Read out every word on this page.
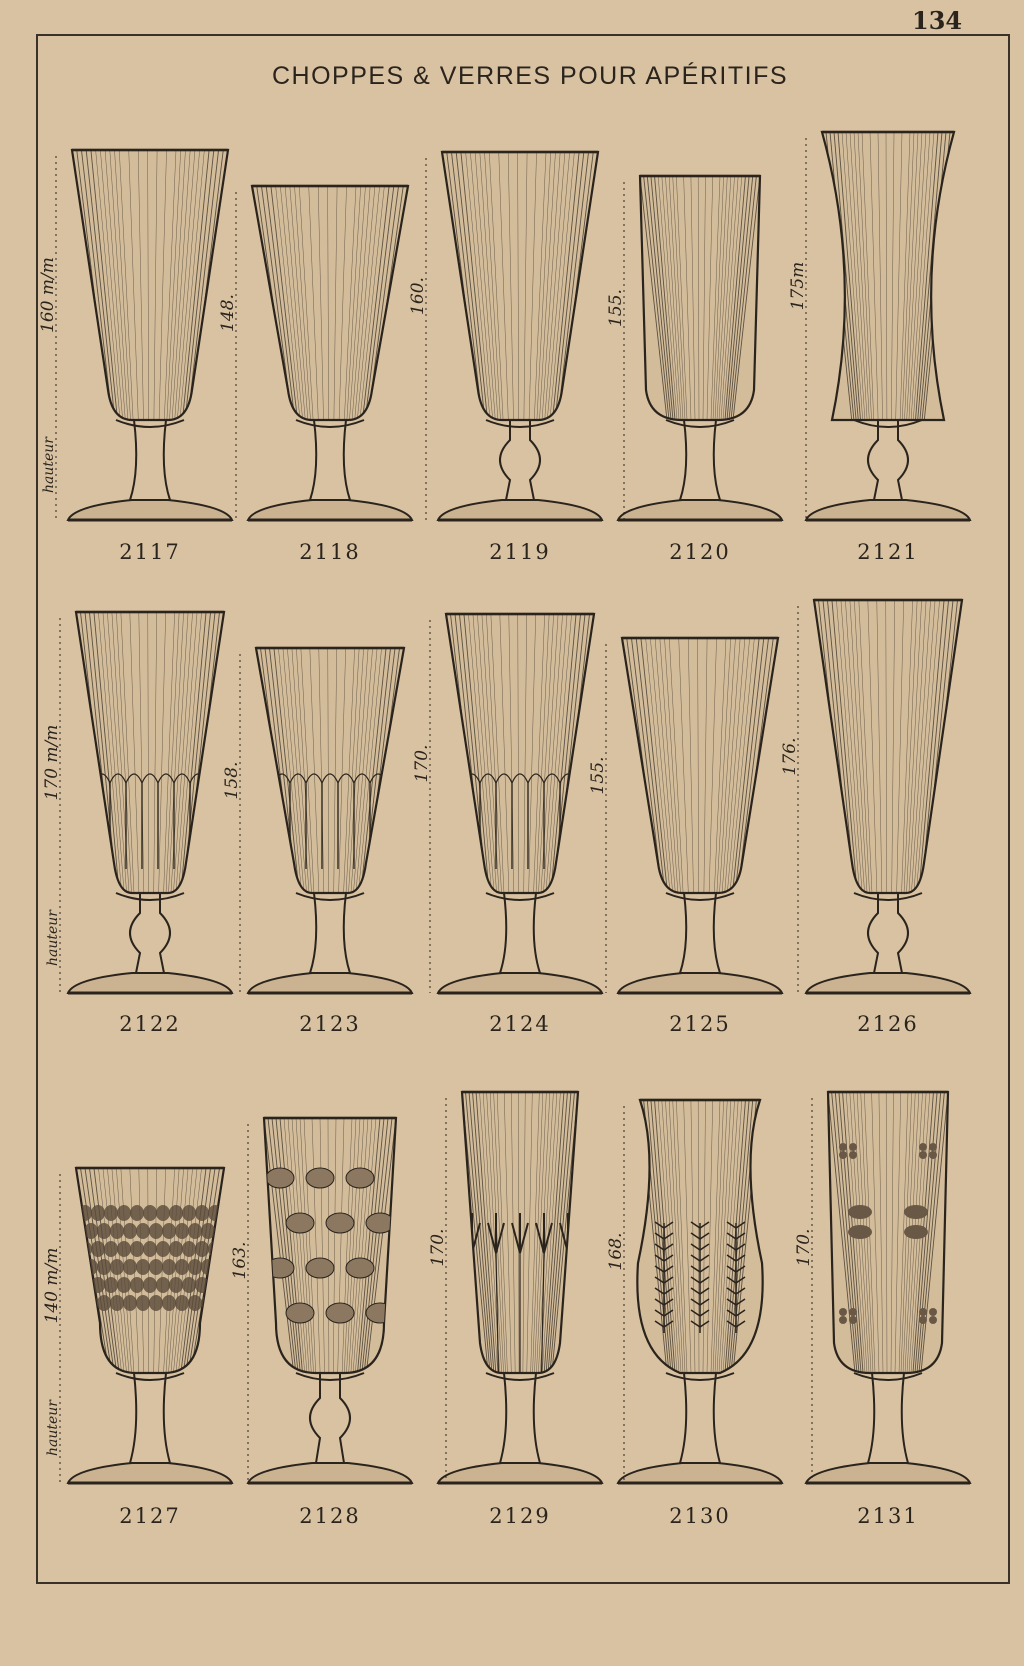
134
CHOPPES & VERRES POUR APÉRITIFS
160 m/m
hauteur
148.	160.	155.	175m
170 m/m
hauteur
158.	170.	155.
176.
140 m/m
hauteur
163.	170.	168.	170.
2117	2118	2119	2120	2121
2122	2123	2124	2125	2126
2127	2128	2129	2130	2131
